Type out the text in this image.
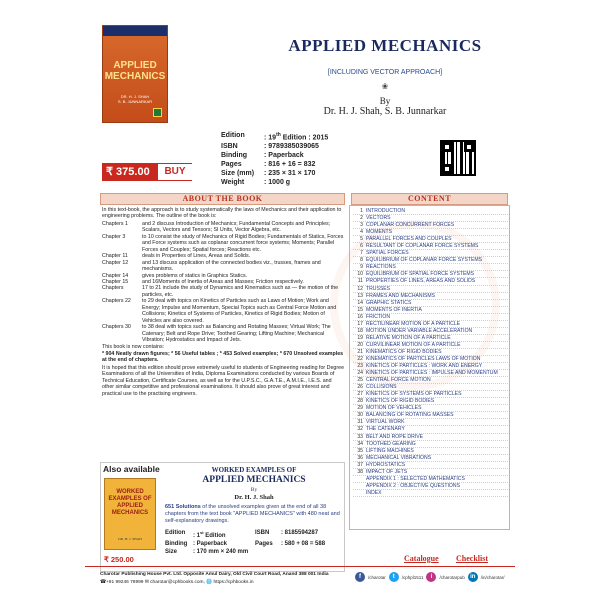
APPLIED
MECHANICS
DR. H. J. SHAH
S. B. JUNNARKAR
₹ 375.00	BUY
APPLIED MECHANICS
[INCLUDING VECTOR APPROACH]
❀
By
Dr. H. J. Shah, S. B. Junnarkar
Edition	: 19th Edition : 2015
ISBN	: 9789385039065
Binding	: Paperback
Pages	: 816 + 16 = 832
Size (mm)	: 235 × 31 × 170
Weight	: 1000 g
ABOUT THE BOOK	CONTENT

In this text-book, the approach is to study systematically the laws of Mechanics and their application to engineering problems. The outline of the book is:

Chapters 1	and 2 discuss Introduction of Mechanics; Fundamental Concepts and Principles; Scalars, Vectors and Tensors; SI Units, Vector Algebra, etc.
Chapter 3	to 10 consist the study of Mechanics of Rigid Bodies; Fundamentals of Statics, Forces and Force systems such as coplanar concurrent force systems; Moments; Parallel Forces and Couples; Spatial forces; Reactions etc.
Chapter 11	deals in Properties of Lines, Areas and Solids.
Chapter 12	and 13 discuss application of the connected bodies viz., trusses, frames and mechanisms.
Chapter 14	gives problems of statics in Graphics Statics.
Chapter 15	and 16Moments of Inertia of Areas and Masses; Friction respectively.
Chapters	17 to 21 include the study of Dynamics and Kinematics such as — the motion of the particles, etc.
Chapters 22	to 29 deal with topics on Kinetics of Particles such as Laws of Motion; Work and Energy; Impulse and Momentum, Special Topics such as Central Force Motion and Collisions; Kinetics of Systems of Particles, Kinetics of Rigid Bodies; Motion of Vehicles are also covered.
Chapters 30	to 38 deal with topics such as Balancing and Rotating Masses; Virtual Work; The Catenary; Belt and Rope Drive; Toothed Gearing; Lifting Machine; Mechanical Vibration; Hydrostatics and Impact of Jets.

This book is now contains:

* 904 Neatly drawn figures; * 56 Useful tables ; * 453 Solved examples; * 670 Unsolved examples at the end of chapters.

It is hoped that this edition should prove extremely useful to students of Engineering reading for Degree Examinations of all the Universities of India, Diploma Examinations conducted by various Boards of Technical Education, Certificate Courses, as well as for the U.P.S.C., G.A.T.E., A.M.I.E., I.E.S. and other similar competitive and professional examinations. It should also prove of great interest and practical use to the practising engineers.

1 INTRODUCTION
2 VECTORS
3 COPLANAR CONCURRENT FORCES
4 MOMENTS
5 PARALLEL FORCES AND COUPLES
6 RESULTANT OF COPLANAR FORCE SYSTEMS
7 SPATIAL FORCES
8 EQUILIBRIUM OF COPLANAR FORCE SYSTEMS
9 REACTIONS
10 EQUILIBRIUM OF SPATIAL FORCE SYSTEMS
11 PROPERTIES OF LINES, AREAS AND SOLIDS
12 TRUSSES
13 FRAMES AND MECHANISMS
14 GRAPHIC STATICS
15 MOMENTS OF INERTIA
16 FRICTION
17 RECTILINEAR MOTION OF A PARTICLE
18 MOTION UNDER VARIABLE ACCELERATION
19 RELATIVE MOTION OF A PARTICLE
20 CURVILINEAR MOTION OF A PARTICLE
21 KINEMATICS OF RIGID BODIES
22 KINEMATICS OF PARTICLES LAWS OF MOTION
23 KINETICS OF PARTICLES : WORK AND ENERGY
24 KINETICS OF PARTICLES : IMPULSE AND MOMENTUM
25 CENTRAL FORCE MOTION
26 COLLISIONS
27 KINETICS OF SYSTEMS OF PARTICLES
28 KINETICS OF RIGID BODIES
29 MOTION OF VEHICLES
30 BALANCING OF ROTATING MASSES
31 VIRTUAL WORK
32 THE CATENARY
33 BELT AND ROPE DRIVE
34 TOOTHED GEARING
35 LIFTING MACHINES
36 MECHANICAL VIBRATIONS
37 HYDROSTATICS
38 IMPACT OF JETS
APPENDIX 1 : SELECTED MATHEMATICS
APPENDIX 2 : OBJECTIVE QUESTIONS
INDEX
Also available
WORKED EXAMPLES OF APPLIED MECHANICS
DR. H. J. SHAH
₹ 250.00
WORKED EXAMPLES OF
APPLIED MECHANICS
By
Dr. H. J. Shah
651 Solutions of the unsolved examples given at the end of all 38 chapters from the text book "APPLIED MECHANICS" with 480 neat and self-explanatory drawings.
Edition	: 1st Edition	ISBN	: 8185594287
Binding : Paperback	Pages	: 580 + 08 = 588
Size	: 170 mm × 240 mm
Catalogue Checklist
Charotar Publishing House Pvt. Ltd. Opposite Amul Dairy, Old Civil Court Road, Anand 388 001 India
☎+91 99246 78999 ✉ charotar@cphbooks.com, 🌐 https://cphbooks.in
f	/charotar	t	/cphpl1511	i	/charotarpub in	/in/charotar/
